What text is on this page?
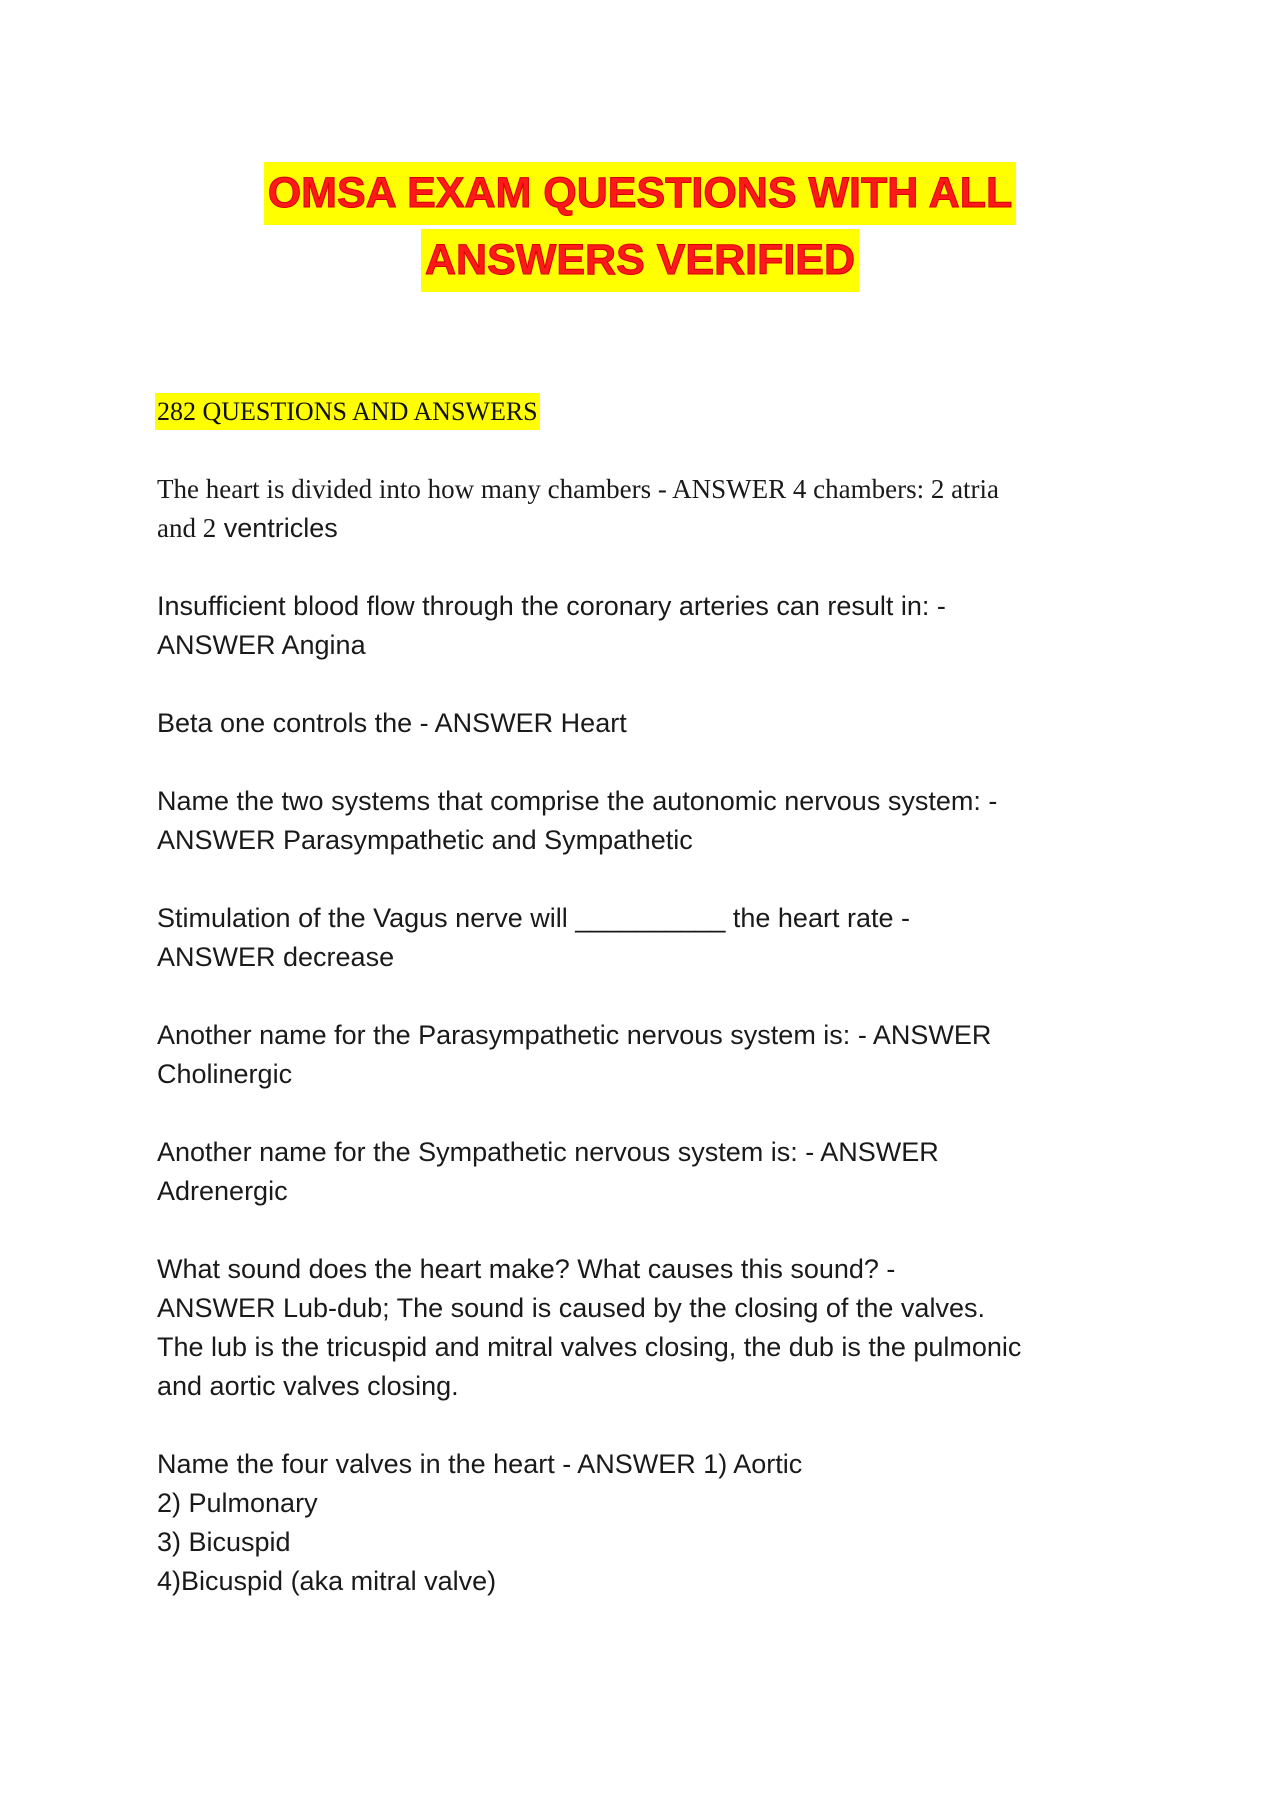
OMSA EXAM QUESTIONS WITH ALL
ANSWERS VERIFIED
282 QUESTIONS AND ANSWERS
The heart is divided into how many chambers - ANSWER 4 chambers: 2 atria
and 2 ventricles
Insufficient blood flow through the coronary arteries can result in: -
ANSWER Angina
Beta one controls the - ANSWER Heart
Name the two systems that comprise the autonomic nervous system: -
ANSWER Parasympathetic and Sympathetic
Stimulation of the Vagus nerve will __________ the heart rate -
ANSWER decrease
Another name for the Parasympathetic nervous system is: - ANSWER
Cholinergic
Another name for the Sympathetic nervous system is: - ANSWER
Adrenergic
What sound does the heart make? What causes this sound? -
ANSWER Lub-dub; The sound is caused by the closing of the valves.
The lub is the tricuspid and mitral valves closing, the dub is the pulmonic
and aortic valves closing.
Name the four valves in the heart - ANSWER 1) Aortic
2) Pulmonary
3) Bicuspid
4)Bicuspid (aka mitral valve)
